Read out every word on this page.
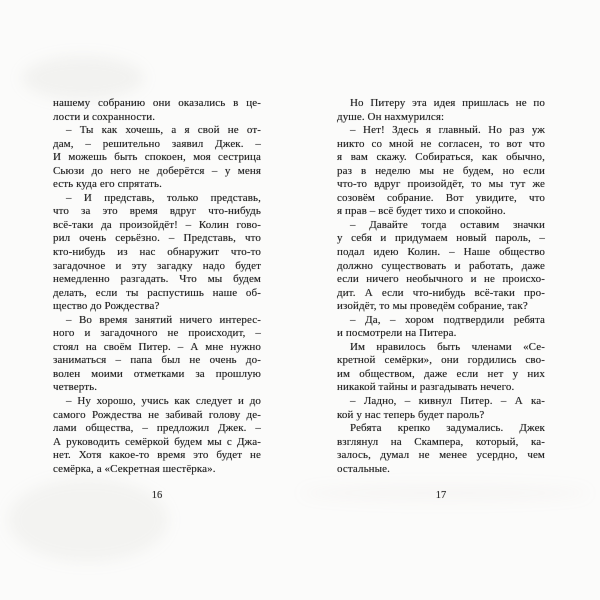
нашему собранию они оказались в це-
лости и сохранности.
– Ты как хочешь, а я свой не от-
дам, – решительно заявил Джек. –
И можешь быть спокоен, моя сестрица
Сьюзи до него не доберётся – у меня
есть куда его спрятать.
– И представь, только представь,
что за это время вдруг что-нибудь
всё-таки да произойдёт! – Колин гово-
рил очень серьёзно. – Представь, что
кто-нибудь из нас обнаружит что-то
загадочное и эту загадку надо будет
немедленно разгадать. Что мы будем
делать, если ты распустишь наше об-
щество до Рождества?
– Во время занятий ничего интерес-
ного и загадочного не происходит, –
стоял на своём Питер. – А мне нужно
заниматься – папа был не очень до-
волен моими отметками за прошлую
четверть.
– Ну хорошо, учись как следует и до
самого Рождества не забивай голову де-
лами общества, – предложил Джек. –
А руководить семёркой будем мы с Джа-
нет. Хотя какое-то время это будет не
семёрка, а «Секретная шестёрка».
16
Но Питеру эта идея пришлась не по
душе. Он нахмурился:
– Нет! Здесь я главный. Но раз уж
никто со мной не согласен, то вот что
я вам скажу. Собираться, как обычно,
раз в неделю мы не будем, но если
что-то вдруг произойдёт, то мы тут же
созовём собрание. Вот увидите, что
я прав – всё будет тихо и спокойно.
– Давайте тогда оставим значки
у себя и придумаем новый пароль, –
подал идею Колин. – Наше общество
должно существовать и работать, даже
если ничего необычного и не происхо-
дит. А если что-нибудь всё-таки про-
изойдёт, то мы проведём собрание, так?
– Да, – хором подтвердили ребята
и посмотрели на Питера.
Им нравилось быть членами «Се-
кретной семёрки», они гордились сво-
им обществом, даже если нет у них
никакой тайны и разгадывать нечего.
– Ладно, – кивнул Питер. – А ка-
кой у нас теперь будет пароль?
Ребята крепко задумались. Джек
взглянул на Скампера, который, ка-
залось, думал не менее усердно, чем
остальные.
17
